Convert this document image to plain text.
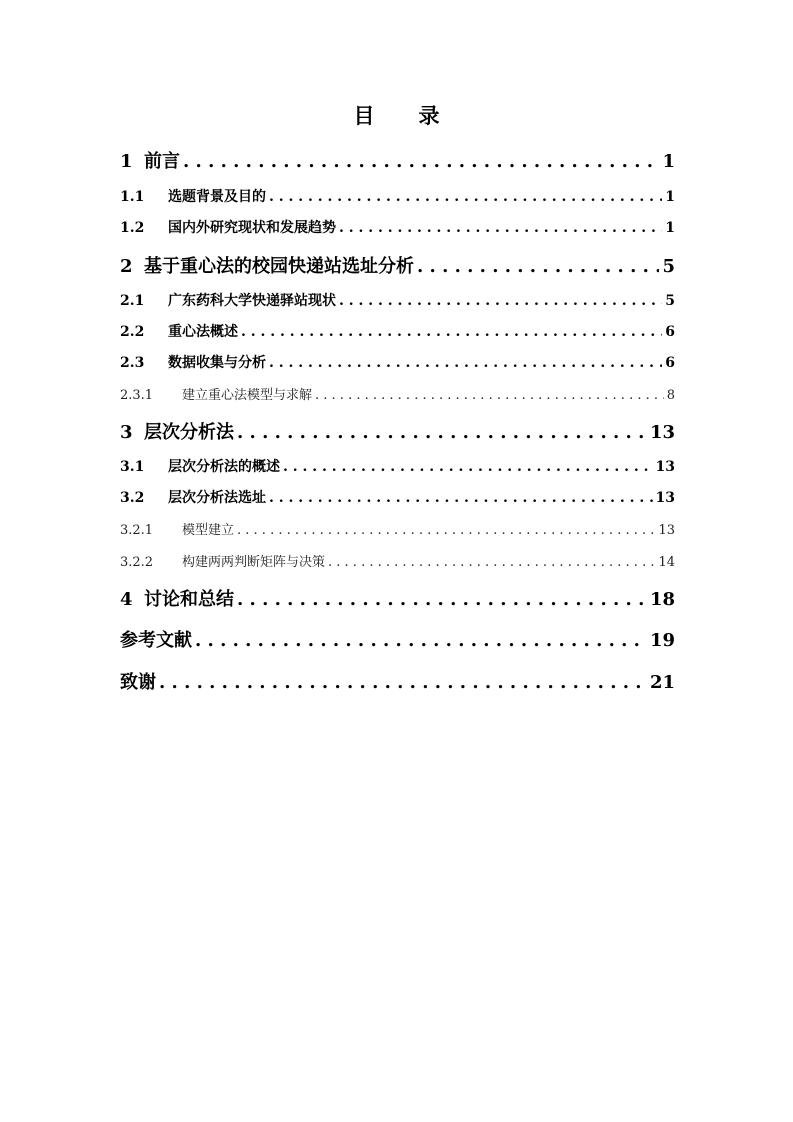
目 录
1 前言 . . .	1
1.1	选题背景及目的 . . .	1
1.2	国内外研究现状和发展趋势 . . .	1
2 基于重心法的校园快递站选址分析 . . .	5
2.1	广东药科大学快递驿站现状 . . .	5
2.2	重心法概述 . . .	6
2.3	数据收集与分析 . . .	6
2.3.1	建立重心法模型与求解 . . .	8
3 层次分析法 . . .	13
3.1	层次分析法的概述 . . .	13
3.2	层次分析法选址 . . .	13
3.2.1	模型建立 . . .	13
3.2.2	构建两两判断矩阵与决策 . . .	14
4 讨论和总结 . . .	18
参考文献 . . .	19
致谢 . . .	21
